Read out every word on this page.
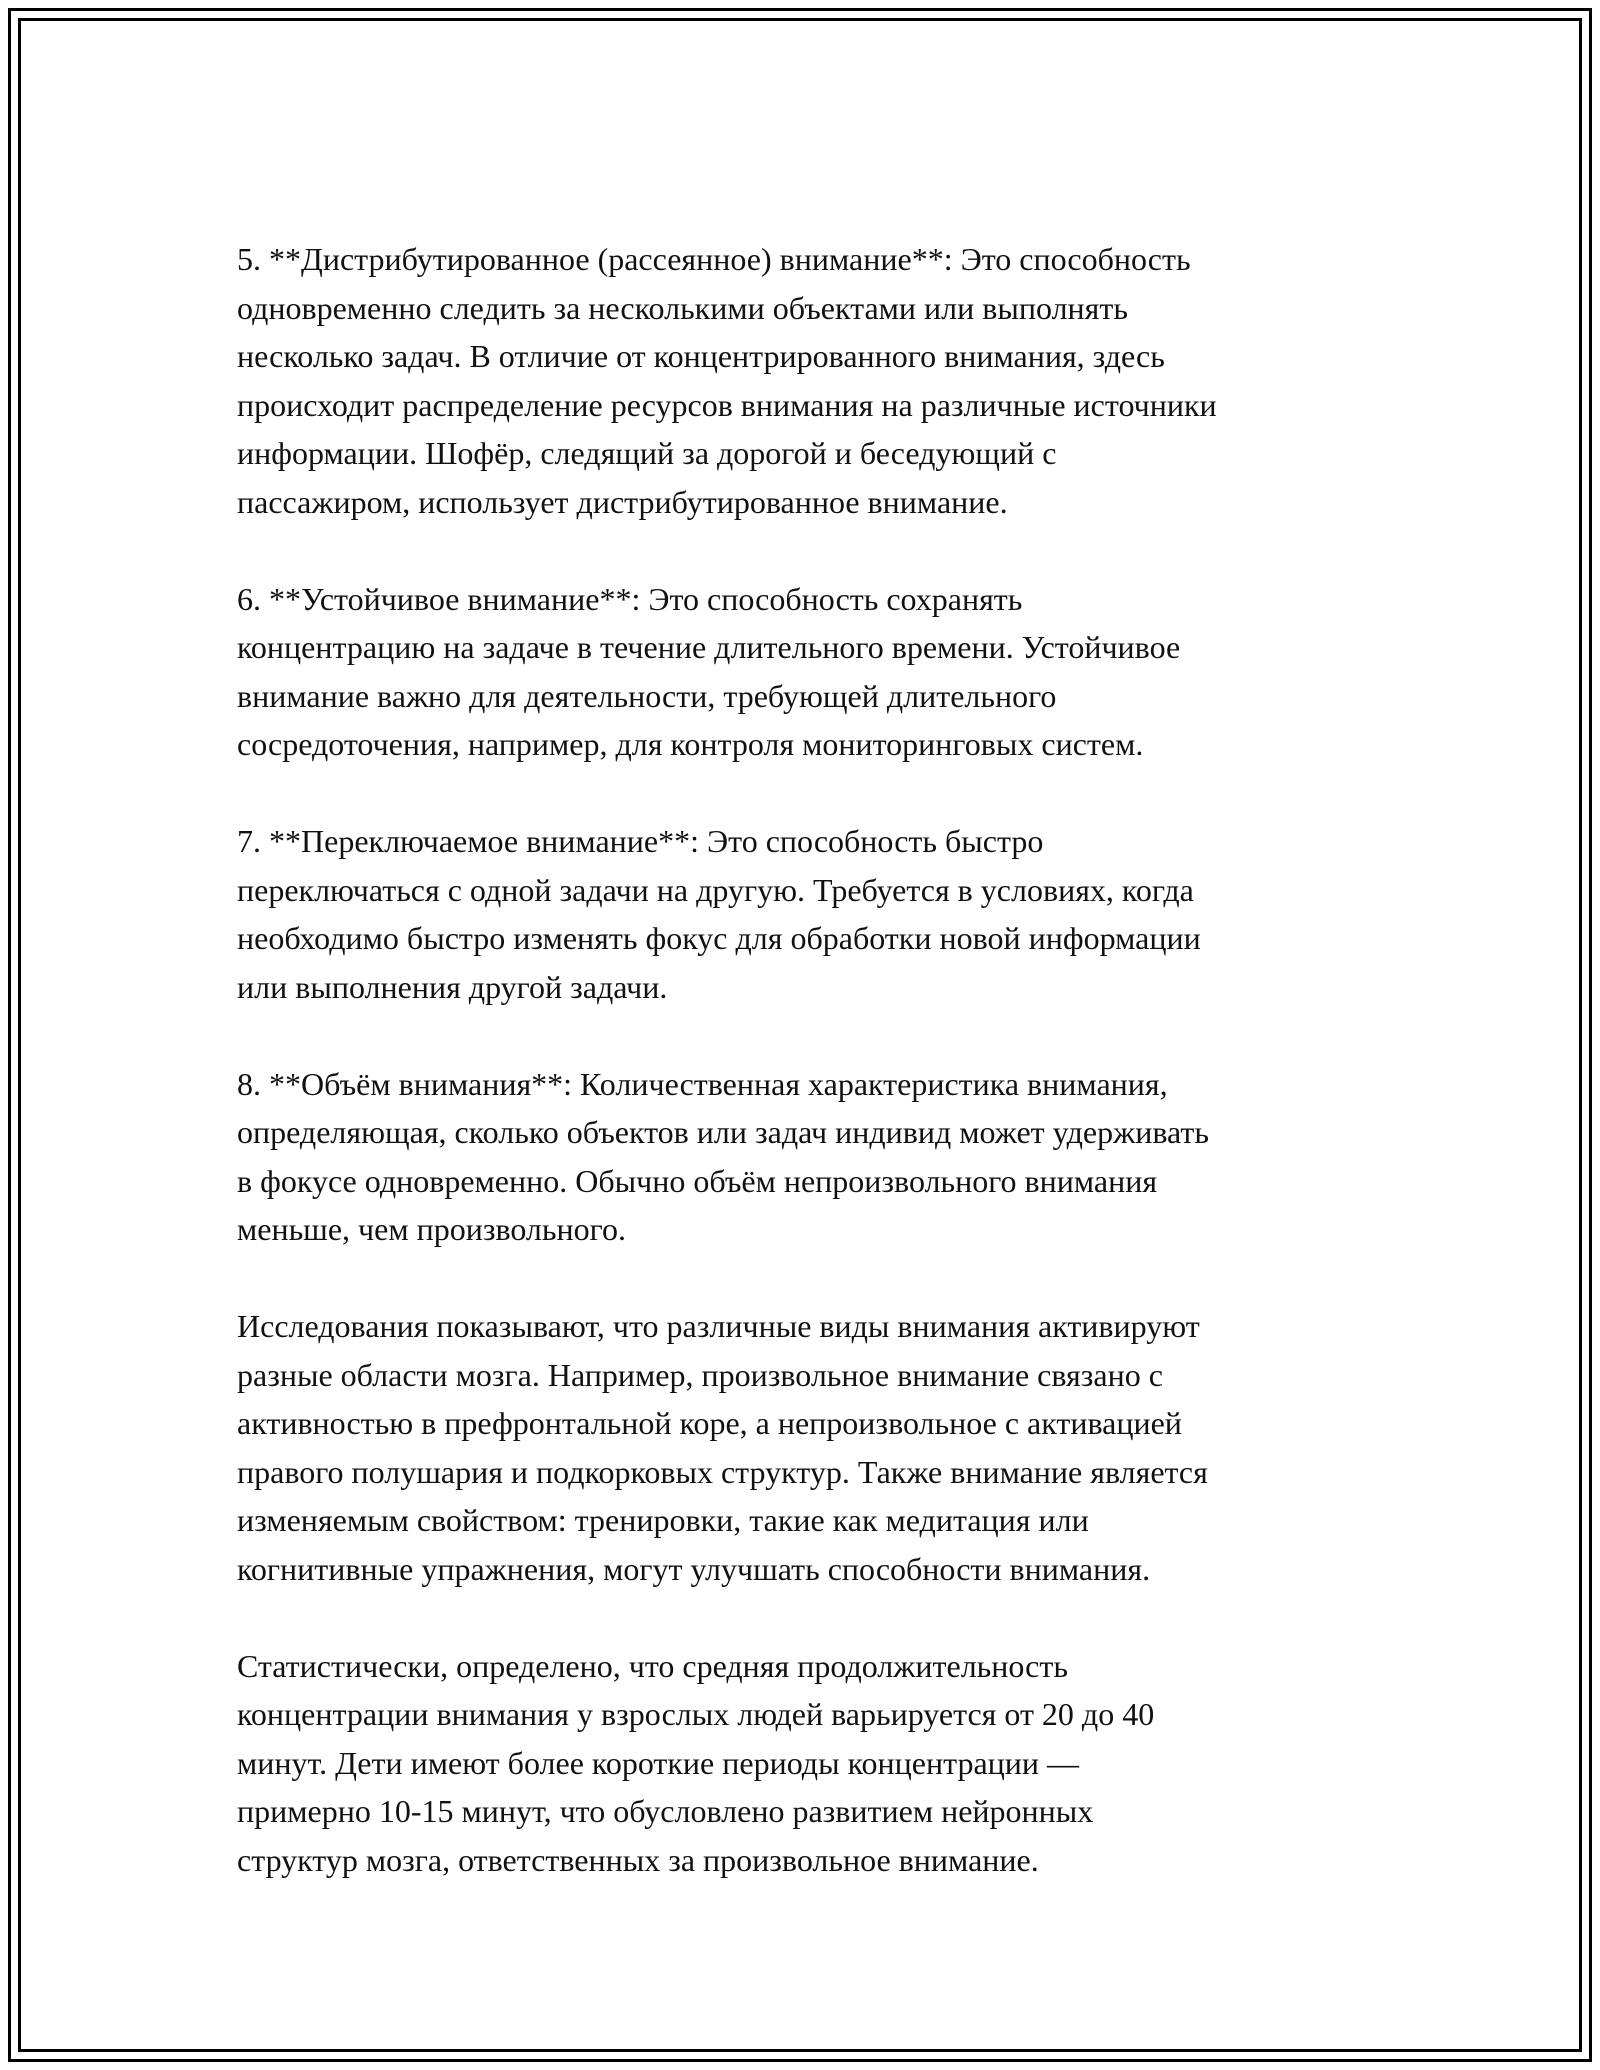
5. **Дистрибутированное (рассеянное) внимание**: Это способность
одновременно следить за несколькими объектами или выполнять
несколько задач. В отличие от концентрированного внимания, здесь
происходит распределение ресурсов внимания на различные источники
информации. Шофёр, следящий за дорогой и беседующий с
пассажиром, использует дистрибутированное внимание.

6. **Устойчивое внимание**: Это способность сохранять
концентрацию на задаче в течение длительного времени. Устойчивое
внимание важно для деятельности, требующей длительного
сосредоточения, например, для контроля мониторинговых систем.

7. **Переключаемое внимание**: Это способность быстро
переключаться с одной задачи на другую. Требуется в условиях, когда
необходимо быстро изменять фокус для обработки новой информации
или выполнения другой задачи.

8. **Объём внимания**: Количественная характеристика внимания,
определяющая, сколько объектов или задач индивид может удерживать
в фокусе одновременно. Обычно объём непроизвольного внимания
меньше, чем произвольного.

Исследования показывают, что различные виды внимания активируют
разные области мозга. Например, произвольное внимание связано с
активностью в префронтальной коре, а непроизвольное с активацией
правого полушария и подкорковых структур. Также внимание является
изменяемым свойством: тренировки, такие как медитация или
когнитивные упражнения, могут улучшать способности внимания.

Статистически, определено, что средняя продолжительность
концентрации внимания у взрослых людей варьируется от 20 до 40
минут. Дети имеют более короткие периоды концентрации —
примерно 10-15 минут, что обусловлено развитием нейронных
структур мозга, ответственных за произвольное внимание.
